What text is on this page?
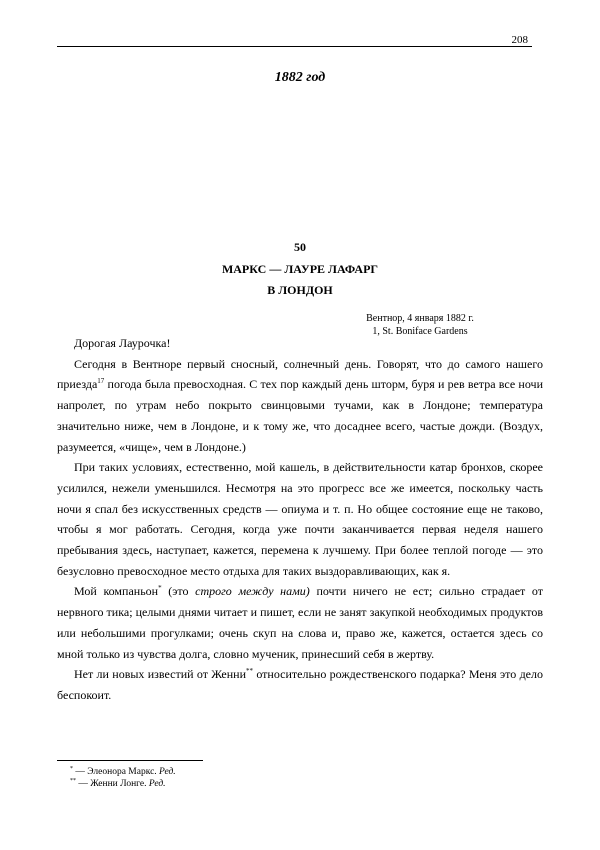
208
1882 год
50
МАРКС — ЛАУРЕ ЛАФАРГ
В ЛОНДОН
Вентнор, 4 января 1882 г.
1, St. Boniface Gardens

Дорогая Лаурочка!

Сегодня в Вентноре первый сносный, солнечный день. Говорят, что до самого нашего приезда$^{17}$ погода была превосходная. С тех пор каждый день шторм, буря и рев ветра все ночи напролет, по утрам небо покрыто свинцовыми тучами, как в Лондоне; температура значительно ниже, чем в Лондоне, и к тому же, что досаднее всего, частые дожди. (Воздух, разумеется, «чище», чем в Лондоне.)

При таких условиях, естественно, мой кашель, в действительности катар бронхов, скорее усилился, нежели уменьшился. Несмотря на это прогресс все же имеется, поскольку часть ночи я спал без искусственных средств — опиума и т. п. Но общее состояние еще не таково, чтобы я мог работать. Сегодня, когда уже почти заканчивается первая неделя нашего пребывания здесь, наступает, кажется, перемена к лучшему. При более теплой погоде — это безусловно превосходное место отдыха для таких выздоравливающих, как я.

Мой компаньон* (это строго между нами) почти ничего не ест; сильно страдает от нервного тика; целыми днями читает и пишет, если не занят закупкой необходимых продуктов или небольшими прогулками; очень скуп на слова и, право же, кажется, остается здесь со мной только из чувства долга, словно мученик, принесший себя в жертву.

Нет ли новых известий от Женни** относительно рождественского подарка? Меня это дело беспокоит.

* — Элеонора Маркс. Ред.
** — Женни Лонге. Ред.
